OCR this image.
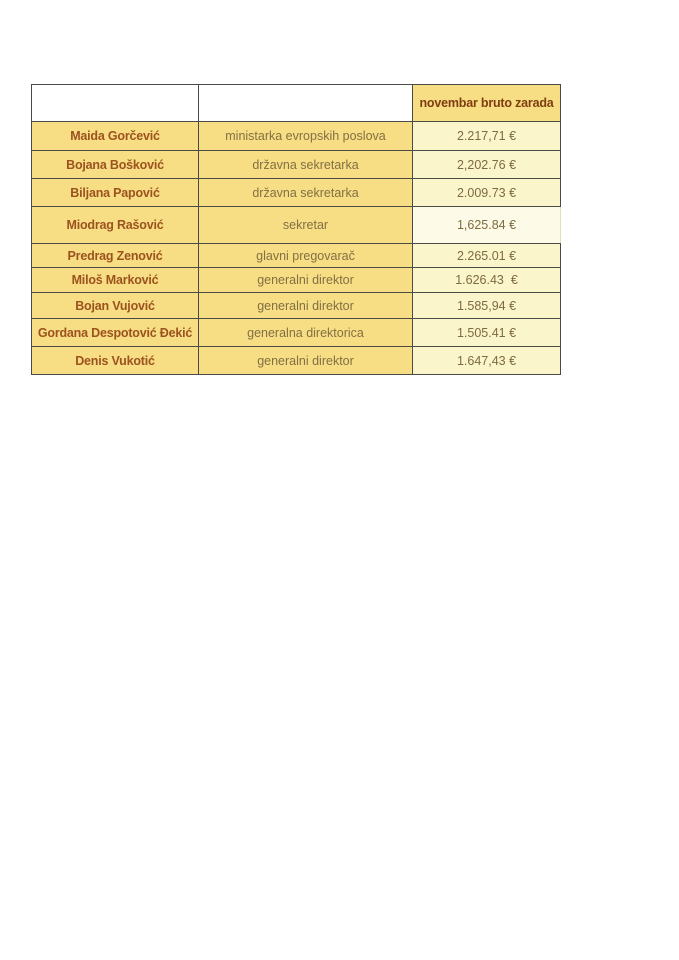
		novembar bruto zarada
Maida Gorčević	ministarka evropskih poslova	2.217,71 €
Bojana Bošković	državna sekretarka	2,202.76 €
Biljana Papović	državna sekretarka	2.009.73 €
Miodrag Rašović	sekretar	1,625.84 €
Predrag Zenović	glavni pregovarač	2.265.01 €
Miloš Marković	generalni direktor	1.626.43  €
Bojan Vujović	generalni direktor	1.585,94 €
Gordana Despotović Đekić	generalna direktorica	1.505.41 €
Denis Vukotić	generalni direktor	1.647,43 €
